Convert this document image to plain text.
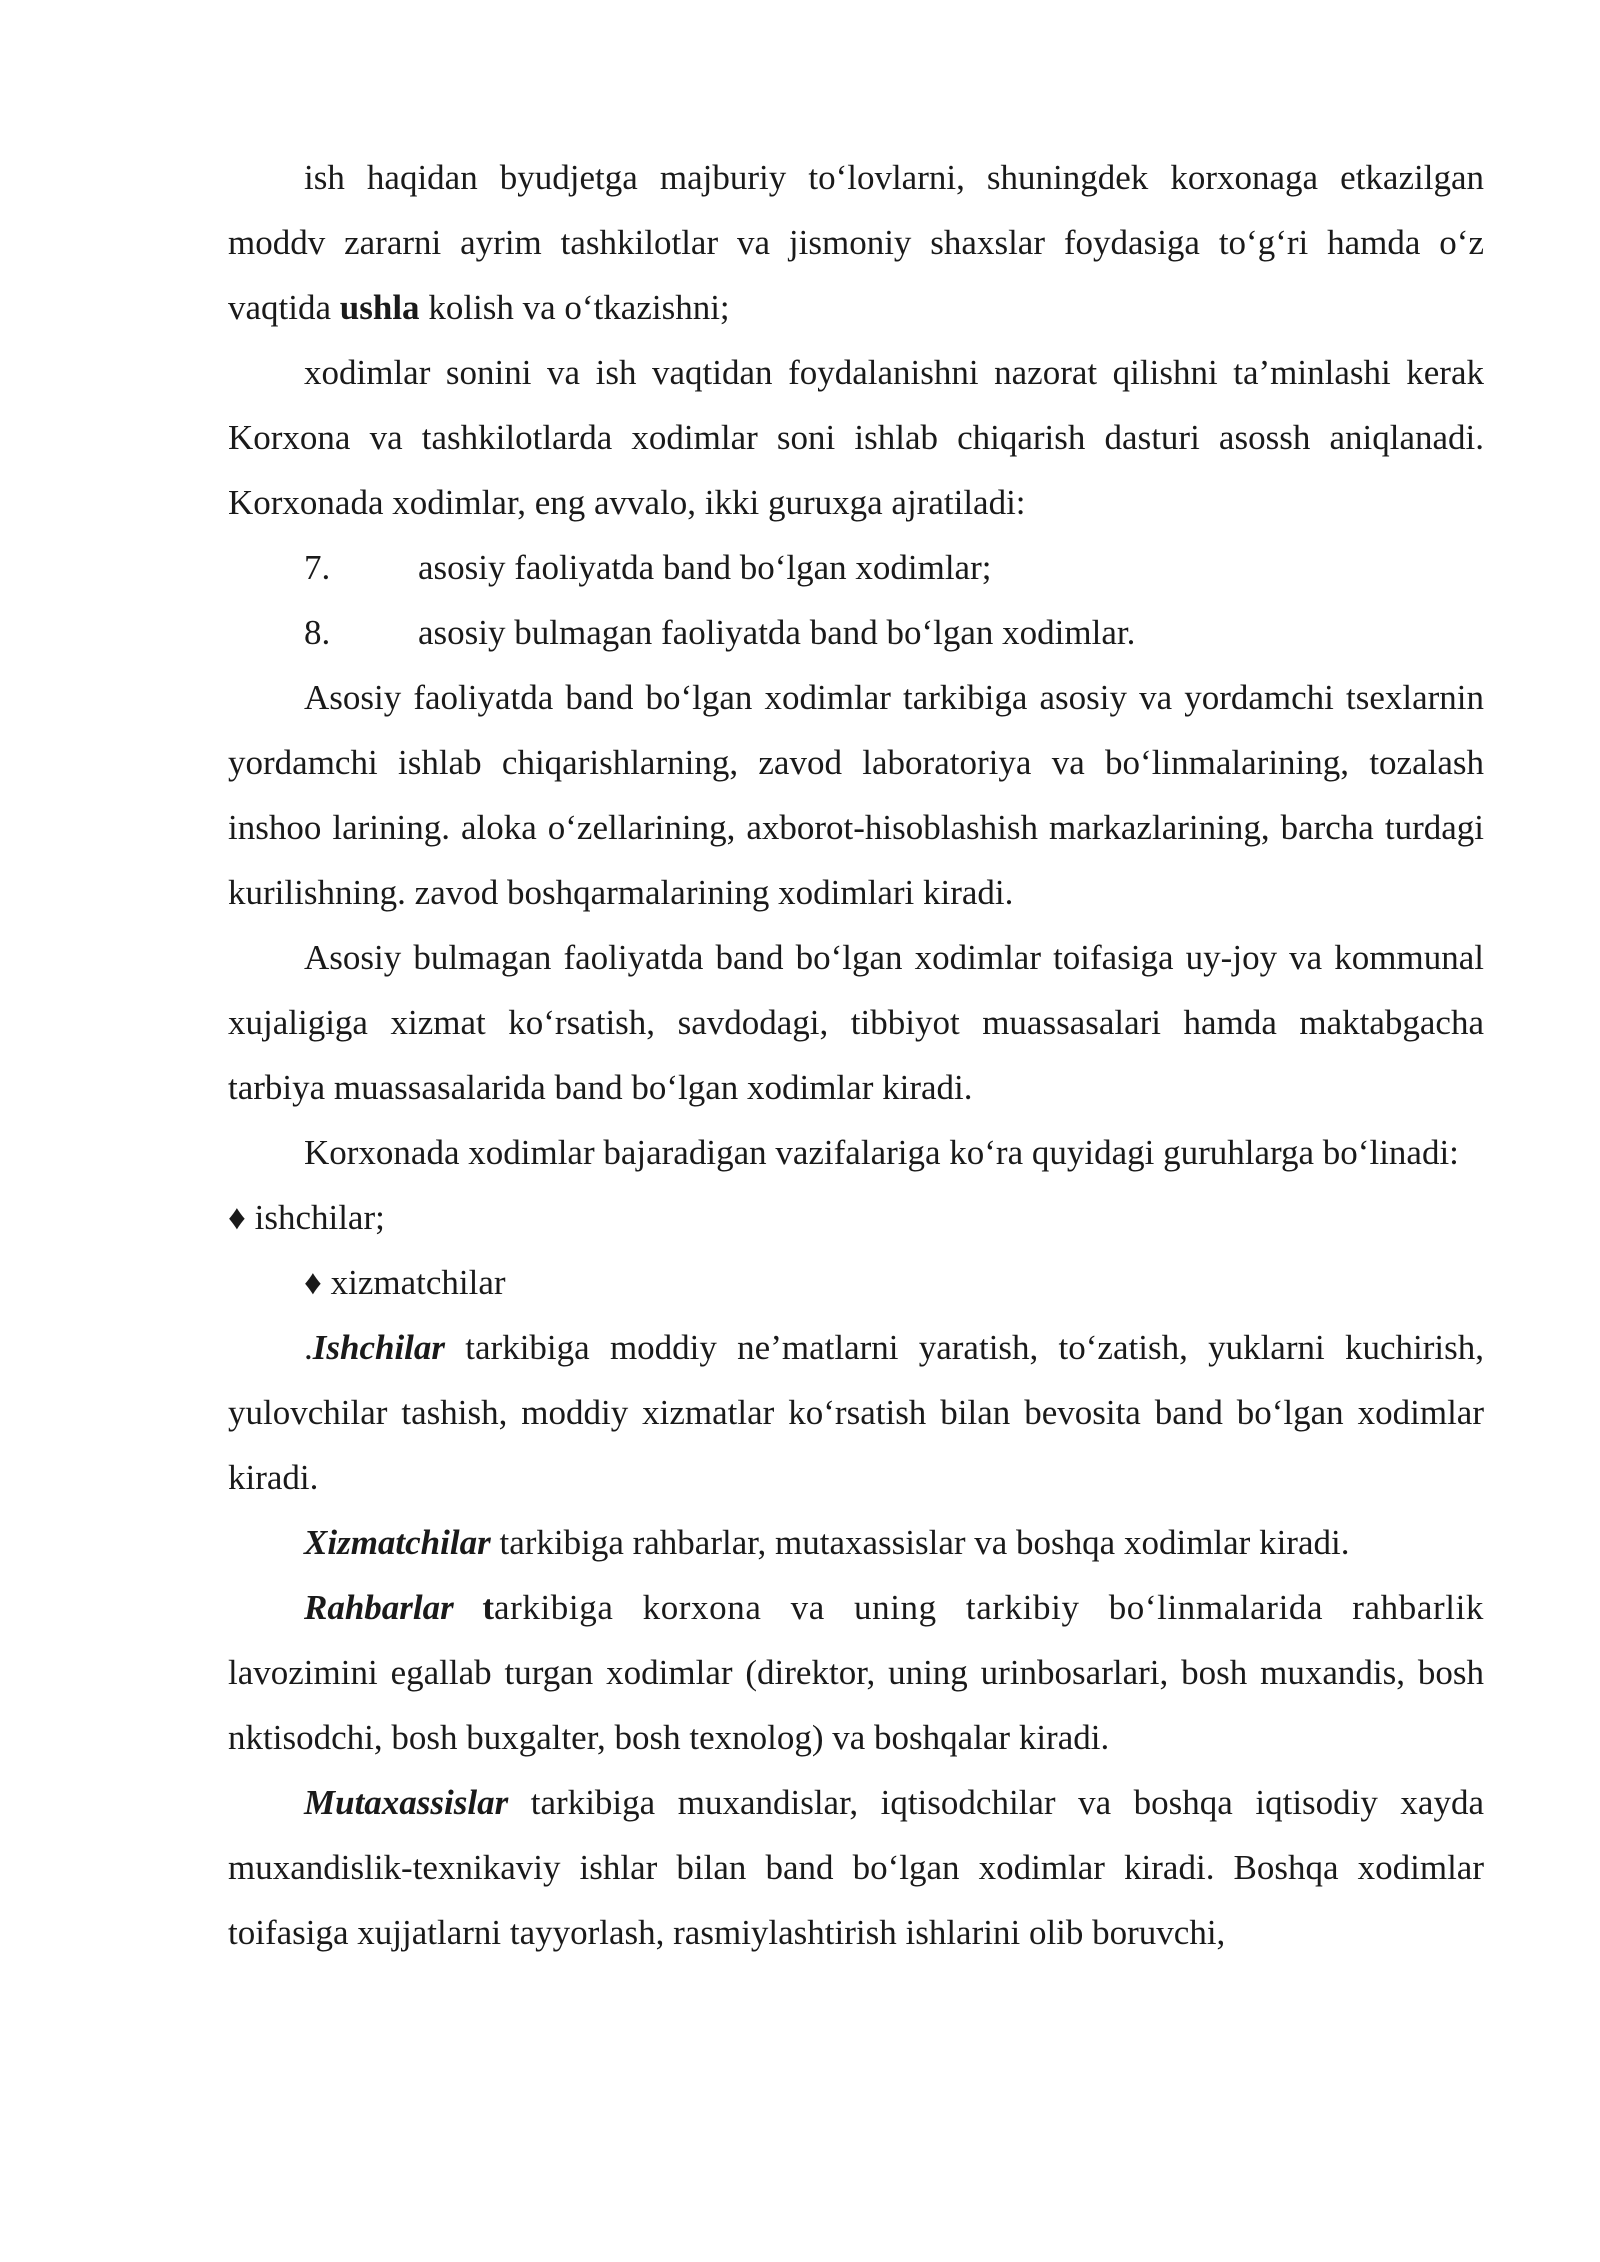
ish haqidan byudjetga majburiy to‘lovlarni, shuningdek korxonaga etkazilgan moddv zararni ayrim tashkilotlar va jismoniy shaxslar foydasiga to‘g‘ri hamda o‘z vaqtida ushla kolish va o‘tkazishni;

xodimlar sonini va ish vaqtidan foydalanishni nazorat qilishni ta’minlashi kerak Korxona va tashkilotlarda xodimlar soni ishlab chiqarish dasturi asossh aniqlanadi. Korxonada xodimlar, eng avvalo, ikki guruxga ajratiladi:

7.	asosiy faoliyatda band bo‘lgan xodimlar;

8.	asosiy bulmagan faoliyatda band bo‘lgan xodimlar.

Asosiy faoliyatda band bo‘lgan xodimlar tarkibiga asosiy va yordamchi tsexlarnin yordamchi ishlab chiqarishlarning, zavod laboratoriya va bo‘linmalarining, tozalash inshoo larining. aloka o‘zellarining, axborot-hisoblashish markazlarining, barcha turdagi kurilishning. zavod boshqarmalarining xodimlari kiradi.

Asosiy bulmagan faoliyatda band bo‘lgan xodimlar toifasiga uy-joy va kommunal xujaligiga xizmat ko‘rsatish, savdodagi, tibbiyot muassasalari hamda maktabgacha tarbiya muassasalarida band bo‘lgan xodimlar kiradi.

Korxonada xodimlar bajaradigan vazifalariga ko‘ra quyidagi guruhlarga bo‘linadi:

♦ ishchilar;

♦ xizmatchilar

.Ishchilar tarkibiga moddiy ne’matlarni yaratish, to‘zatish, yuklarni kuchirish, yulovchilar tashish, moddiy xizmatlar ko‘rsatish bilan bevosita band bo‘lgan xodimlar kiradi.

Xizmatchilar tarkibiga rahbarlar, mutaxassislar va boshqa xodimlar kiradi.

Rahbarlar tarkibiga korxona va uning tarkibiy bo‘linmalarida rahbarlik lavozimini egallab turgan xodimlar (direktor, uning urinbosarlari, bosh muxandis, bosh nktisodchi, bosh buxgalter, bosh texnolog) va boshqalar kiradi.

Mutaxassislar tarkibiga muxandislar, iqtisodchilar va boshqa iqtisodiy xayda muxandislik-texnikaviy ishlar bilan band bo‘lgan xodimlar kiradi. Boshqa xodimlar toifasiga xujjatlarni tayyorlash, rasmiylashtirish ishlarini olib boruvchi,
